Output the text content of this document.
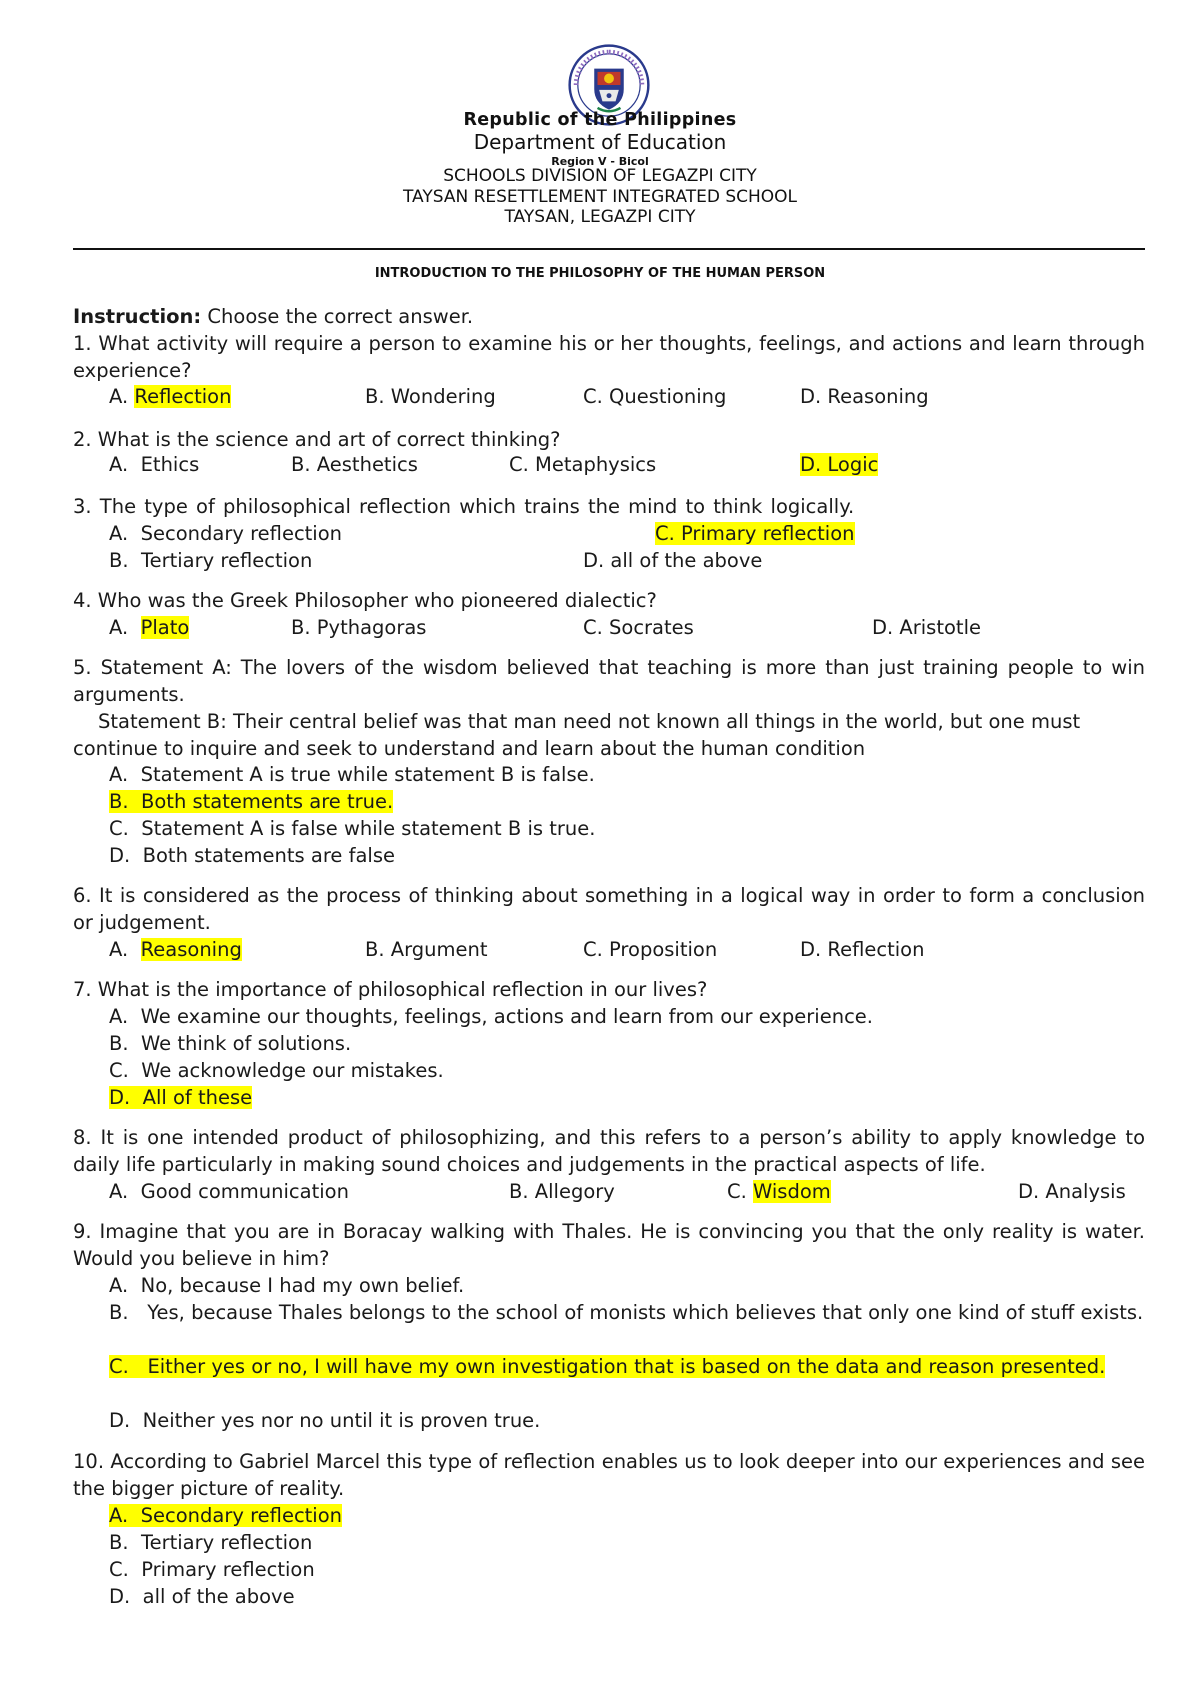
Republic of the Philippines
Department of Education
Region V - Bicol
SCHOOLS DIVISION OF LEGAZPI CITY
TAYSAN RESETTLEMENT INTEGRATED SCHOOL
TAYSAN, LEGAZPI CITY
INTRODUCTION TO THE PHILOSOPHY OF THE HUMAN PERSON

Instruction: Choose the correct answer.

1. What activity will require a person to examine his or her thoughts, feelings, and actions and learn through experience?

A. Reflection	B. Wondering	C. Questioning	D. Reasoning

2. What is the science and art of correct thinking?

A. Ethics	B. Aesthetics	C. Metaphysics	D. Logic

3. The type of philosophical reflection which trains the mind to think logically.

A. Secondary reflection	C. Primary reflection
B. Tertiary reflection	D. all of the above

4. Who was the Greek Philosopher who pioneered dialectic?

A. Plato	B. Pythagoras	C. Socrates	D. Aristotle

5. Statement A: The lovers of the wisdom believed that teaching is more than just training people to win arguments.

Statement B: Their central belief was that man need not known all things in the world, but one must continue to inquire and seek to understand and learn about the human condition

A. Statement A is true while statement B is false.
B. Both statements are true.
C. Statement A is false while statement B is true.
D. Both statements are false

6. It is considered as the process of thinking about something in a logical way in order to form a conclusion or judgement.

A. Reasoning	B. Argument	C. Proposition	D. Reflection

7. What is the importance of philosophical reflection in our lives?

A. We examine our thoughts, feelings, actions and learn from our experience.
B. We think of solutions.
C. We acknowledge our mistakes.
D. All of these

8. It is one intended product of philosophizing, and this refers to a person’s ability to apply knowledge to daily life particularly in making sound choices and judgements in the practical aspects of life.

A. Good communication	B. Allegory	C. Wisdom	D. Analysis

9. Imagine that you are in Boracay walking with Thales. He is convincing you that the only reality is water. Would you believe in him?

A. No, because I had my own belief.
B. Yes, because Thales belongs to the school of monists which believes that only one kind of stuff exists.
C. Either yes or no, I will have my own investigation that is based on the data and reason presented.
D. Neither yes nor no until it is proven true.

10. According to Gabriel Marcel this type of reflection enables us to look deeper into our experiences and see the bigger picture of reality.

A. Secondary reflection
B. Tertiary reflection
C. Primary reflection
D. all of the above
